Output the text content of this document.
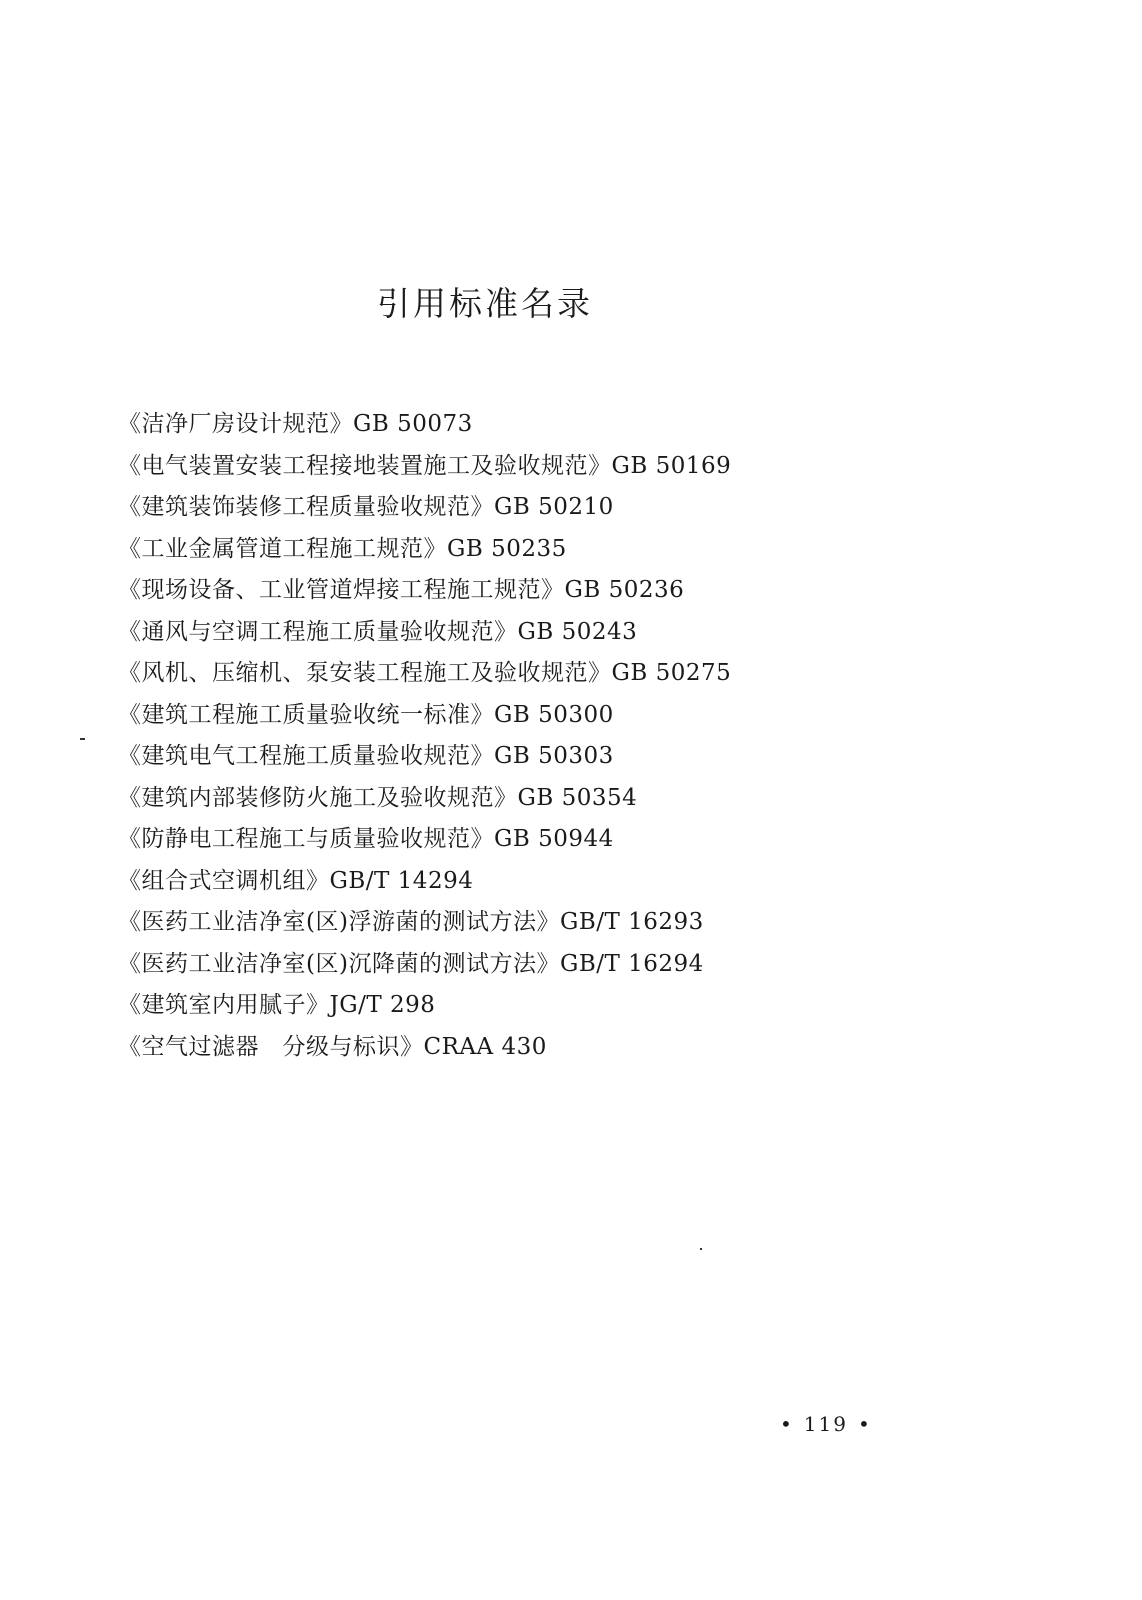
引用标准名录
《洁净厂房设计规范》GB 50073
《电气装置安装工程接地装置施工及验收规范》GB 50169
《建筑装饰装修工程质量验收规范》GB 50210
《工业金属管道工程施工规范》GB 50235
《现场设备、工业管道焊接工程施工规范》GB 50236
《通风与空调工程施工质量验收规范》GB 50243
《风机、压缩机、泵安装工程施工及验收规范》GB 50275
《建筑工程施工质量验收统一标准》GB 50300
《建筑电气工程施工质量验收规范》GB 50303
《建筑内部装修防火施工及验收规范》GB 50354
《防静电工程施工与质量验收规范》GB 50944
《组合式空调机组》GB/T 14294
《医药工业洁净室(区)浮游菌的测试方法》GB/T 16293
《医药工业洁净室(区)沉降菌的测试方法》GB/T 16294
《建筑室内用腻子》JG/T 298
《空气过滤器　分级与标识》CRAA 430
• 119 •
